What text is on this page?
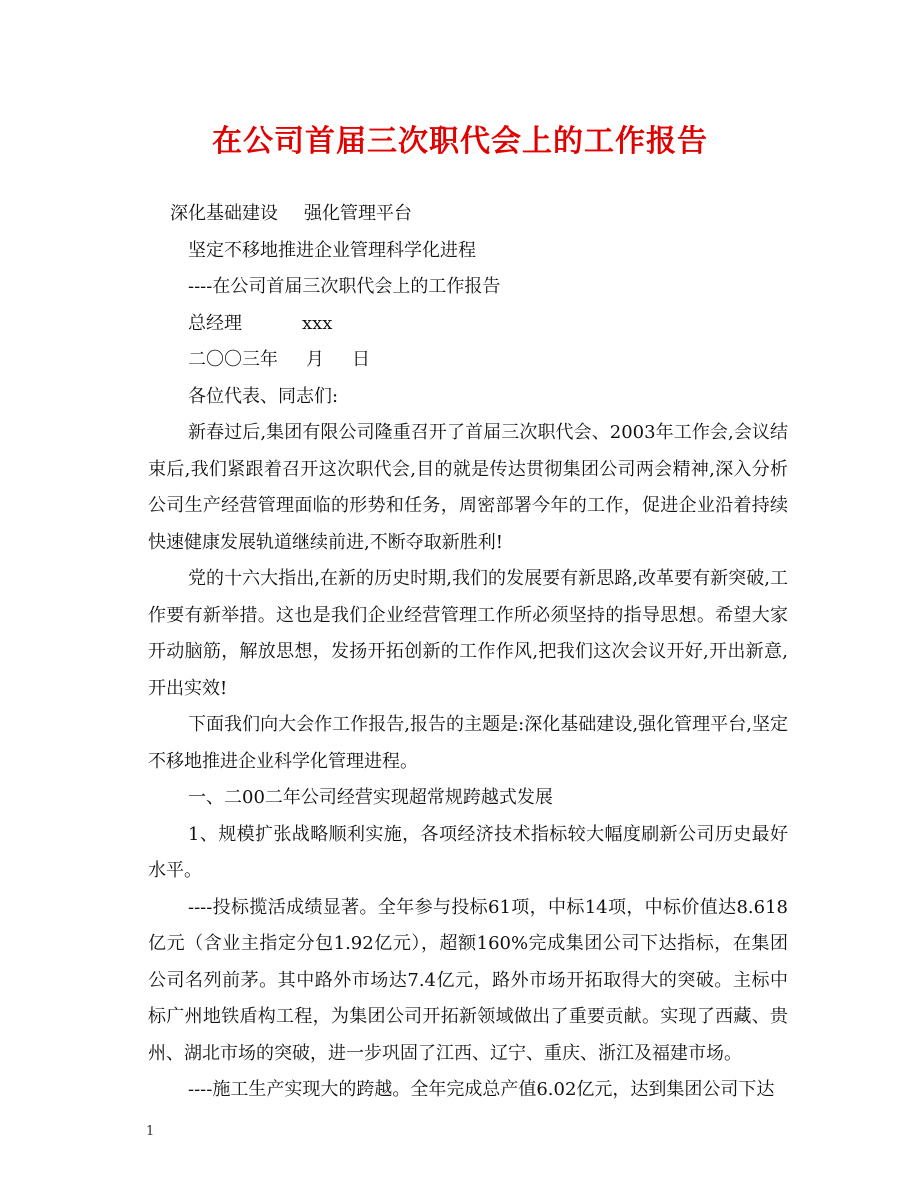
在公司首届三次职代会上的工作报告

深化基础建设 强化管理平台

坚定不移地推进企业管理科学化进程

----在公司首届三次职代会上的工作报告

总经理	xxx

二〇〇三年 月 日

各位代表、同志们:

新春过后,集团有限公司隆重召开了首届三次职代会、2003年工作会,会议结束后,我们紧跟着召开这次职代会,目的就是传达贯彻集团公司两会精神,深入分析公司生产经营管理面临的形势和任务，周密部署今年的工作，促进企业沿着持续快速健康发展轨道继续前进,不断夺取新胜利!

党的十六大指出,在新的历史时期,我们的发展要有新思路,改革要有新突破,工作要有新举措。这也是我们企业经营管理工作所必须坚持的指导思想。希望大家开动脑筋，解放思想，发扬开拓创新的工作作风,把我们这次会议开好,开出新意,开出实效!

下面我们向大会作工作报告,报告的主题是:深化基础建设,强化管理平台,坚定不移地推进企业科学化管理进程。

一、二00二年公司经营实现超常规跨越式发展

1、规模扩张战略顺利实施，各项经济技术指标较大幅度刷新公司历史最好水平。

----投标揽活成绩显著。全年参与投标61项，中标14项，中标价值达8.618亿元（含业主指定分包1.92亿元），超额160%完成集团公司下达指标，在集团公司名列前茅。其中路外市场达7.4亿元，路外市场开拓取得大的突破。主标中标广州地铁盾构工程，为集团公司开拓新领域做出了重要贡献。实现了西藏、贵州、湖北市场的突破，进一步巩固了江西、辽宁、重庆、浙江及福建市场。

----施工生产实现大的跨越。全年完成总产值6.02亿元，达到集团公司下达

1
